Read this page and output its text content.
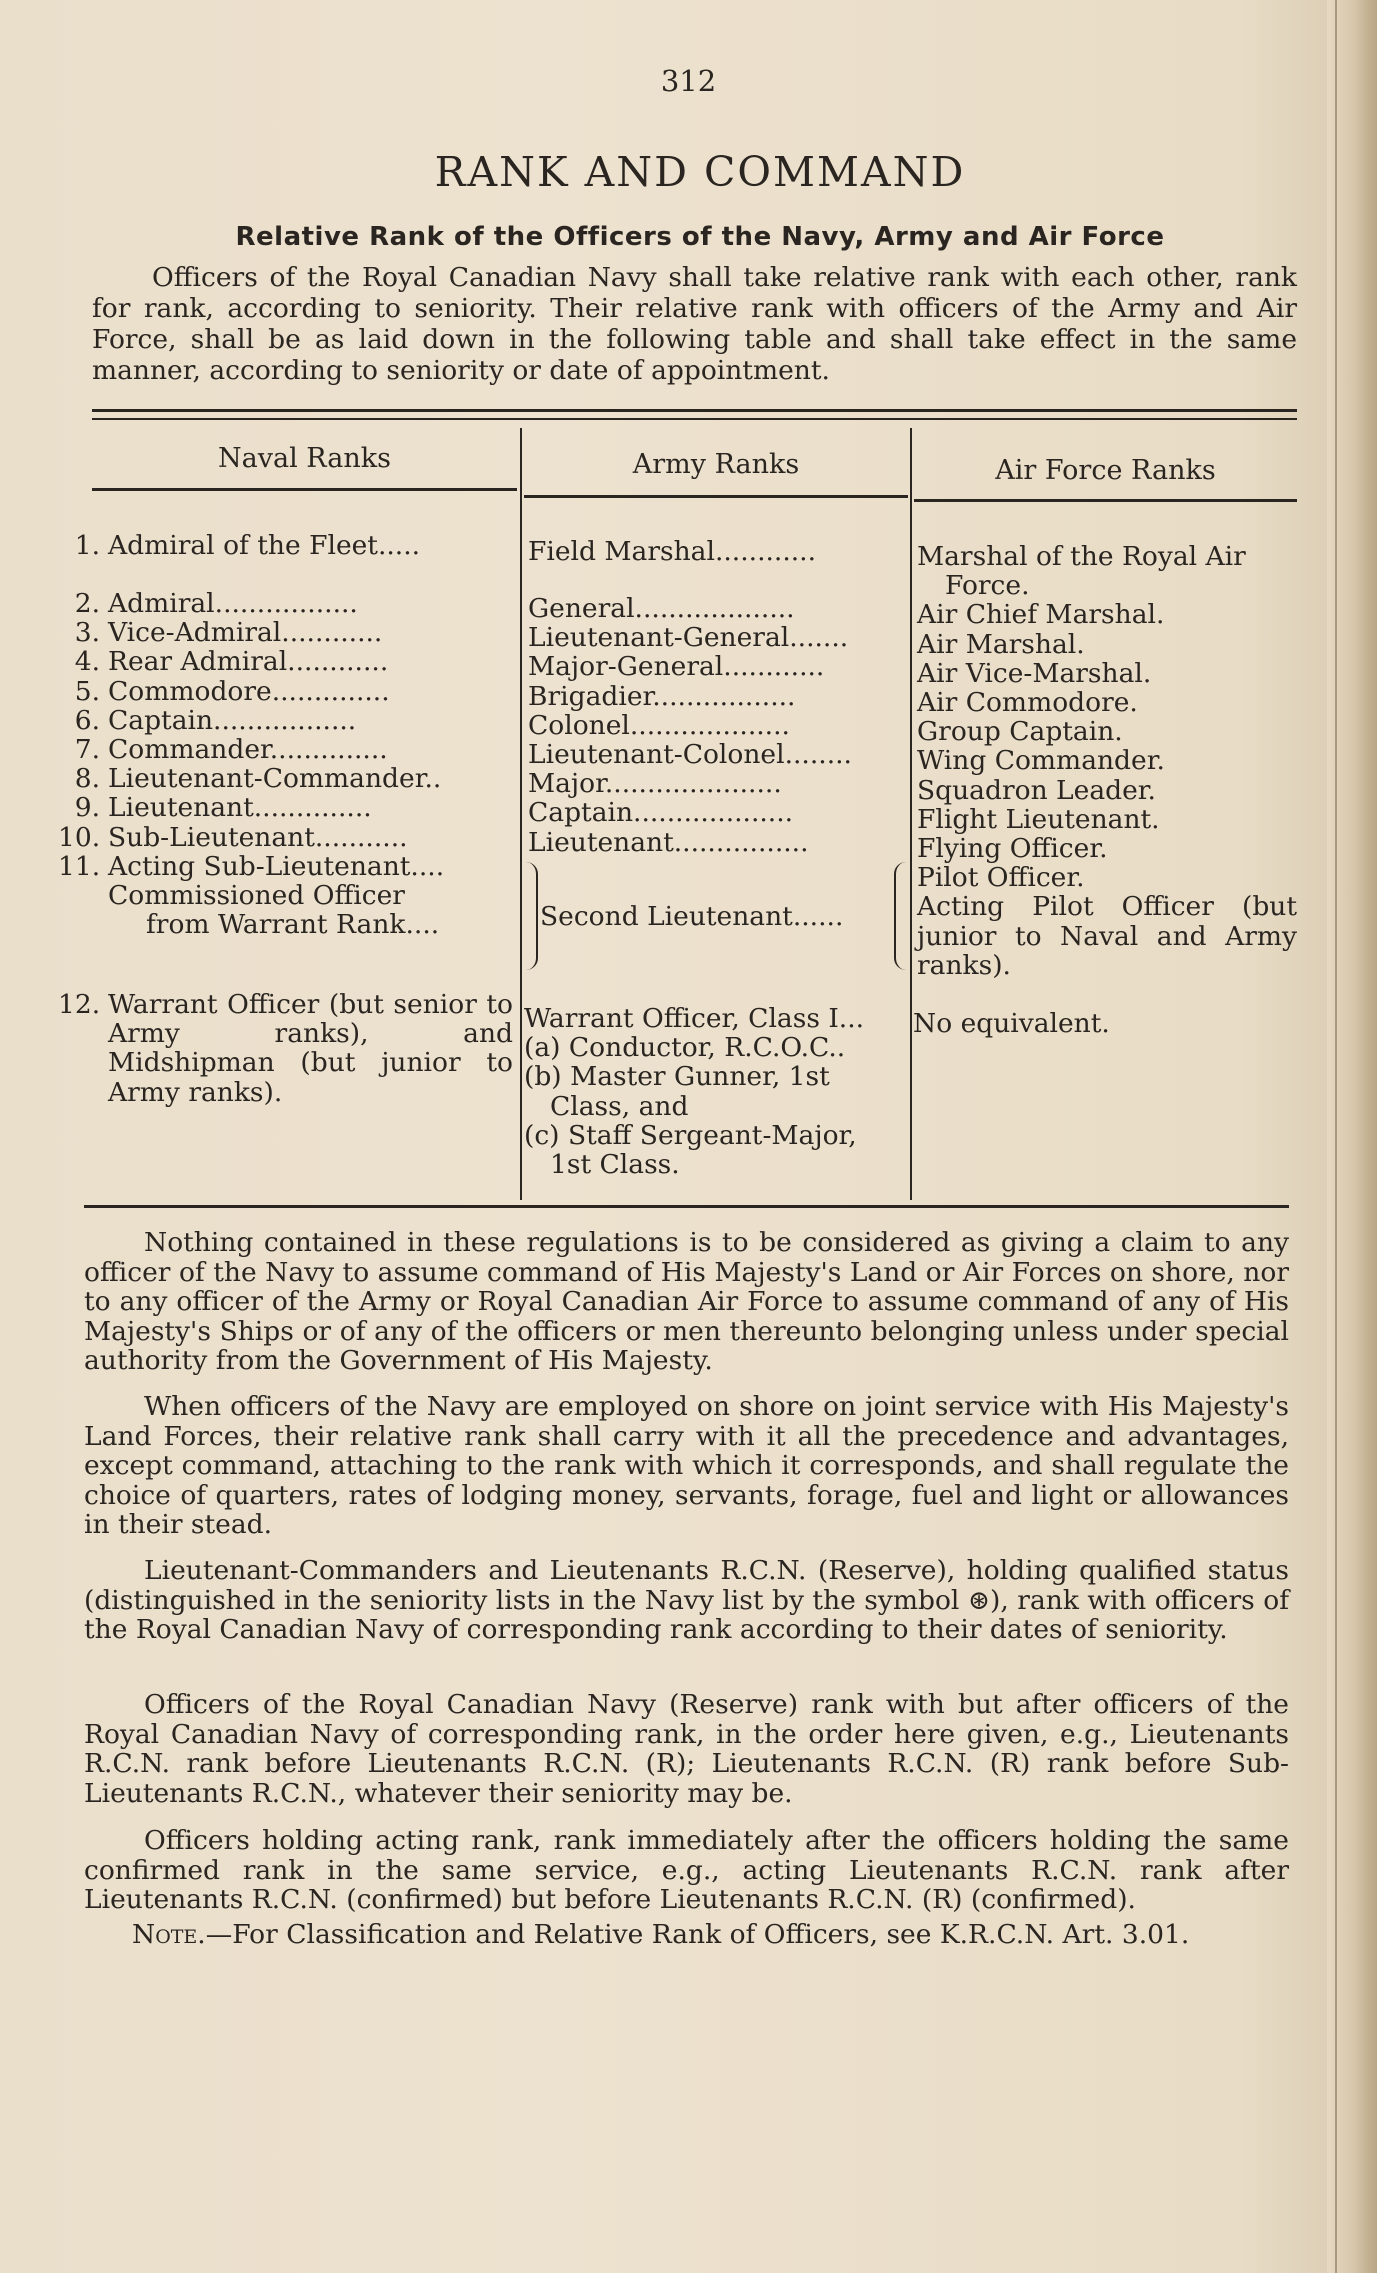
312
RANK AND COMMAND
Relative Rank of the Officers of the Navy, Army and Air Force
Officers of the Royal Canadian Navy shall take relative rank with each other, rank for rank, according to seniority. Their relative rank with officers of the Army and Air Force, shall be as laid down in the following table and shall take effect in the same manner, according to seniority or date of appointment.
Naval Ranks	Army Ranks	Air Force Ranks
1. Admiral of the Fleet.....
2. Admiral.................
3. Vice-Admiral............
4. Rear Admiral............
5. Commodore..............
6. Captain.................
7. Commander..............
8. Lieutenant-Commander..
9. Lieutenant..............
10. Sub-Lieutenant...........
11. Acting Sub-Lieutenant....
Commissioned Officer
from Warrant Rank....
12. Warrant Officer (but senior to Army ranks), and Midshipman (but junior to Army ranks).
Field Marshal............
General...................
Lieutenant-General.......
Major-General............
Brigadier.................
Colonel...................
Lieutenant-Colonel........
Major.....................
Captain...................
Lieutenant................
Second Lieutenant......
Warrant Officer, Class I...
(a) Conductor, R.C.O.C..
(b) Master Gunner, 1st
Class, and
(c) Staff Sergeant-Major,
1st Class.
Marshal of the Royal Air
Force.
Air Chief Marshal.
Air Marshal.
Air Vice-Marshal.
Air Commodore.
Group Captain.
Wing Commander.
Squadron Leader.
Flight Lieutenant.
Flying Officer.
Pilot Officer.
Acting Pilot Officer (but junior to Naval and Army ranks).
No equivalent.
Nothing contained in these regulations is to be considered as giving a claim to any officer of the Navy to assume command of His Majesty's Land or Air Forces on shore, nor to any officer of the Army or Royal Canadian Air Force to assume command of any of His Majesty's Ships or of any of the officers or men thereunto belonging unless under special authority from the Government of His Majesty.
When officers of the Navy are employed on shore on joint service with His Majesty's Land Forces, their relative rank shall carry with it all the precedence and advantages, except command, attaching to the rank with which it corresponds, and shall regulate the choice of quarters, rates of lodging money, servants, forage, fuel and light or allowances in their stead.
Lieutenant-Commanders and Lieutenants R.C.N. (Reserve), holding qualified status (distinguished in the seniority lists in the Navy list by the symbol ⊛), rank with officers of the Royal Canadian Navy of corresponding rank according to their dates of seniority.
Officers of the Royal Canadian Navy (Reserve) rank with but after officers of the Royal Canadian Navy of corresponding rank, in the order here given, e.g., Lieutenants R.C.N. rank before Lieutenants R.C.N. (R); Lieutenants R.C.N. (R) rank before Sub-Lieutenants R.C.N., whatever their seniority may be.
Officers holding acting rank, rank immediately after the officers holding the same confirmed rank in the same service, e.g., acting Lieutenants R.C.N. rank after Lieutenants R.C.N. (confirmed) but before Lieutenants R.C.N. (R) (confirmed).
Note.—For Classification and Relative Rank of Officers, see K.R.C.N. Art. 3.01.
